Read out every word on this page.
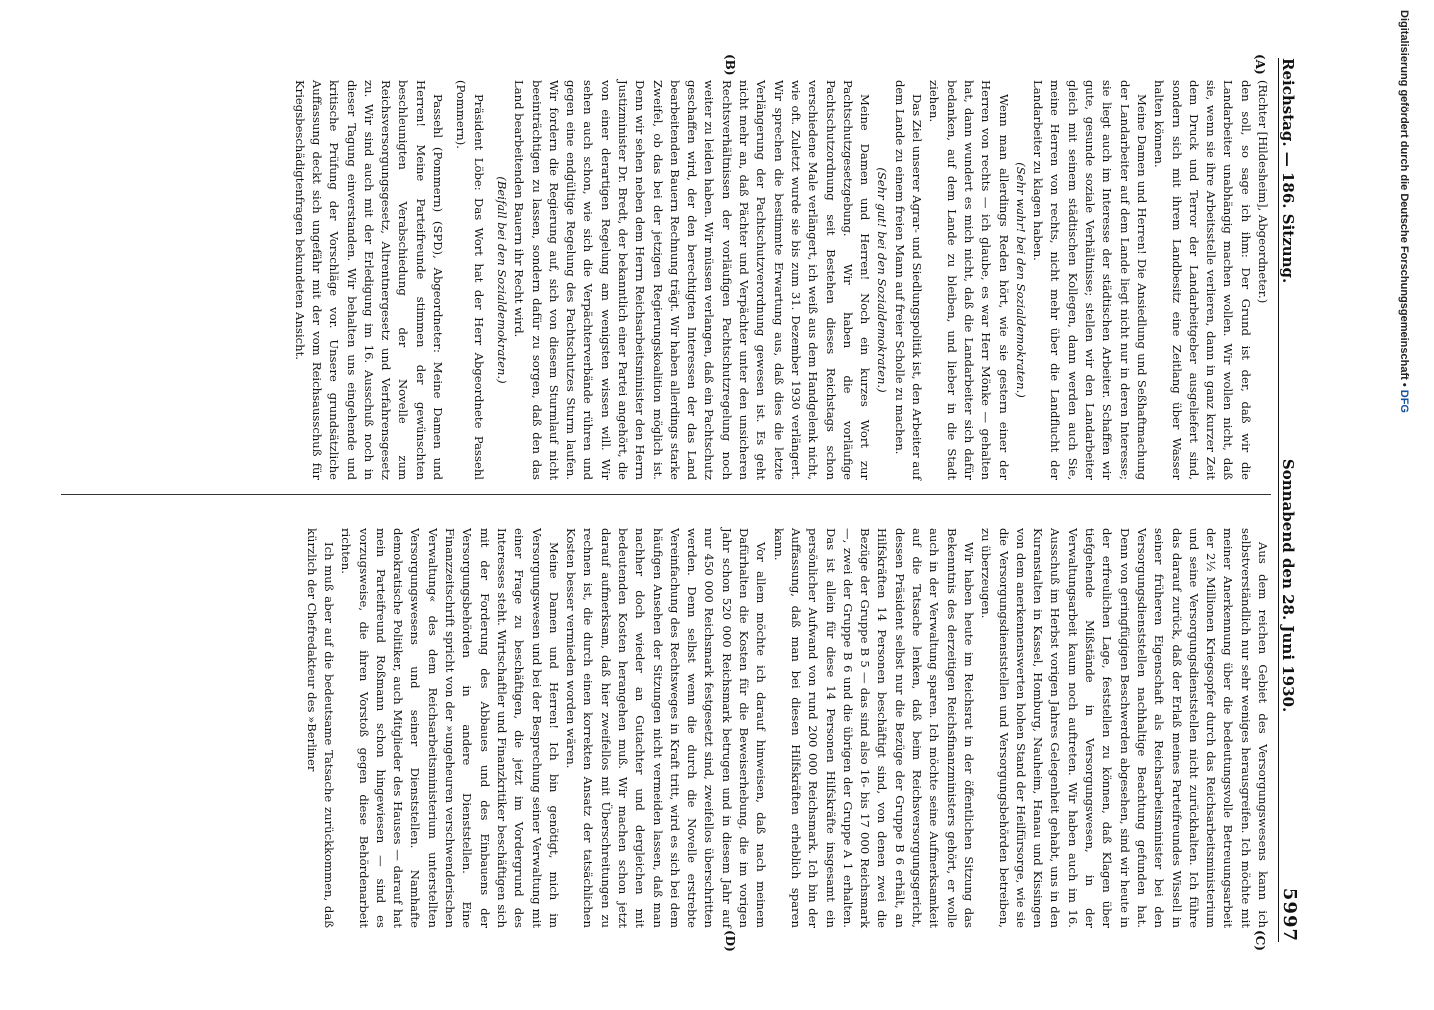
Reichstag. — 186. Sitzung.
Sonnabend den 28. Juni 1930.
5997
(A)
(B)
(C)
(D)

(Richter [Hildesheim], Abgeordneter.)

den soll, so sage ich ihm: Der Grund ist der, daß wir die Landarbeiter unabhängig machen wollen. Wir wollen nicht, daß sie, wenn sie ihre Arbeitsstelle verlieren, dann in ganz kurzer Zeit dem Druck und Terror der Landarbeitgeber ausgeliefert sind, sondern sich mit ihrem Landbesitz eine Zeitlang über Wasser halten können.

Meine Damen und Herren! Die Ansiedlung und Seßhaftmachung der Landarbeiter auf dem Lande liegt nicht nur in deren Interesse; sie liegt auch im Interesse der städtischen Arbeiter. Schaffen wir gute, gesunde soziale Verhältnisse; stellen wir den Landarbeiter gleich mit seinem städtischen Kollegen, dann werden auch Sie, meine Herren von rechts, nicht mehr über die Landflucht der Landarbeiter zu klagen haben.

(Sehr wahr! bei den Sozialdemokraten.)

Wenn man allerdings Reden hört, wie sie gestern einer der Herren von rechts — ich glaube, es war Herr Mönke — gehalten hat, dann wundert es mich nicht, daß die Landarbeiter sich dafür bedanken, auf dem Lande zu bleiben, und lieber in die Stadt ziehen.

Das Ziel unserer Agrar- und Siedlungspolitik ist, den Arbeiter auf dem Lande zu einem freien Mann auf freier Scholle zu machen.

(Sehr gut! bei den Sozialdemokraten.)

Meine Damen und Herren! Noch ein kurzes Wort zur Pachtschutzgesetzgebung. Wir haben die vorläufige Pachtschutzordnung seit Bestehen dieses Reichstags schon verschiedene Male verlängert, ich weiß aus dem Handgelenk nicht, wie oft. Zuletzt wurde sie bis zum 31. Dezember 1930 verlängert. Wir sprechen die bestimmte Erwartung aus, daß dies die letzte Verlängerung der Pachtschutzverordnung gewesen ist. Es geht nicht mehr an, daß Pächter und Verpächter unter den unsicheren Rechtsverhältnissen der vorläufigen Pachtschutzregelung noch weiter zu leiden haben. Wir müssen verlangen, daß ein Pachtschutz geschaffen wird, der den berechtigten Interessen der das Land bearbeitenden Bauern Rechnung trägt. Wir haben allerdings starke Zweifel, ob das bei der jetzigen Regierungskoalition möglich ist. Denn wir sehen neben dem Herrn Reichsarbeitsminister den Herrn Justizminister Dr. Bredt, der bekanntlich einer Partei angehört, die von einer derartigen Regelung am wenigsten wissen will. Wir sehen auch schon, wie sich die Verpächterverbände rühren und gegen eine endgültige Regelung des Pachtschutzes Sturm laufen. Wir fordern die Regierung auf, sich von diesem Sturmlauf nicht beeinträchtigen zu lassen, sondern dafür zu sorgen, daß den das Land bearbeitenden Bauern ihr Recht wird.

(Beifall bei den Sozialdemokraten.)

Präsident Löbe: Das Wort hat der Herr Abgeordnete Passehl (Pommern).

Passehl (Pommern) (SPD), Abgeordneter: Meine Damen und Herren! Meine Parteifreunde stimmen der gewünschten beschleunigten Verabschiedung der Novelle zum Reichsversorgungsgesetz, Altrentnergesetz und Verfahrensgesetz zu. Wir sind auch mit der Erledigung im 16. Ausschuß noch in dieser Tagung einverstanden. Wir behalten uns eingehende und kritische Prüfung der Vorschläge vor. Unsere grundsätzliche Auffassung deckt sich ungefähr mit der vom Reichsausschuß für Kriegsbeschädigtenfragen bekundeten Ansicht.

Aus dem reichen Gebiet des Versorgungswesens kann ich selbstverständlich nur sehr weniges herausgreifen. Ich möchte mit meiner Anerkennung über die bedeutungsvolle Betreuungsarbeit der 2½ Millionen Kriegsopfer durch das Reichsarbeitsministerium und seine Versorgungsdienststellen nicht zurückhalten. Ich führe das darauf zurück, daß der Erlaß meines Parteifreundes Wissell in seiner früheren Eigenschaft als Reichsarbeitsminister bei den Versorgungsdienststellen nachhaltige Beachtung gefunden hat. Denn von geringfügigen Beschwerden abgesehen, sind wir heute in der erfreulichen Lage, feststellen zu können, daß Klagen über tiefgehende Mißstände in Versorgungswesen, in der Verwaltungsarbeit kaum noch auftreten. Wir haben auch im 16. Ausschuß im Herbst vorigen Jahres Gelegenheit gehabt, uns in den Kuranstalten in Kassel, Homburg, Nauheim, Hanau und Kissingen von dem anerkennenswerten hohen Stand der Heilfürsorge, wie sie die Versorgungsdienststellen und Versorgungsbehörden betreiben, zu überzeugen.

Wir haben heute im Reichsrat in der öffentlichen Sitzung das Bekenntnis des derzeitigen Reichsfinanzministers gehört, er wolle auch in der Verwaltung sparen. Ich möchte seine Aufmerksamkeit auf die Tatsache lenken, daß beim Reichsversorgungsgericht, dessen Präsident selbst nur die Bezüge der Gruppe B 6 erhält, an Hilfskräften 14 Personen beschäftigt sind, von denen zwei die Bezüge der Gruppe B 5 — das sind also 16- bis 17 000 Reichsmark —, zwei der Gruppe B 6 und die übrigen der Gruppe A 1 erhalten. Das ist allein für diese 14 Personen Hilfskräfte insgesamt ein persönlicher Aufwand von rund 200 000 Reichsmark. Ich bin der Auffassung, daß man bei diesen Hilfskräften erheblich sparen kann.

Vor allem möchte ich darauf hinweisen, daß nach meinem Dafürhalten die Kosten für die Beweiserhebung, die im vorigen Jahr schon 520 000 Reichsmark betrugen und in diesem Jahr auf nur 450 000 Reichsmark festgesetzt sind, zweifellos überschritten werden. Denn selbst wenn die durch die Novelle erstrebte Vereinfachung des Rechtsweges in Kraft tritt, wird es sich bei dem häufigen Ansehen der Sitzungen nicht vermeiden lassen, daß man nachher doch wieder an Gutachter und dergleichen mit bedeutenden Kosten herangehen muß. Wir machen schon jetzt darauf aufmerksam, daß hier zweifellos mit Überschreitungen zu rechnen ist, die durch einen korrekten Ansatz der tatsächlichen Kosten besser vermieden worden wären.

Meine Damen und Herren! Ich bin genötigt, mich im Versorgungswesen und bei der Besprechung seiner Verwaltung mit einer Frage zu beschäftigen, die jetzt im Vordergrund des Interesses steht. Wirtschaftler und Finanzkritiker beschäftigen sich mit der Forderung des Abbaues und des Einbauens der Versorgungsbehörden in andere Dienststellen. Eine Finanzzeitschrift spricht von der »ungeheuren verschwenderischen Verwaltung« des dem Reichsarbeitsministerium unterstellten Versorgungswesens und seiner Dienststellen. Namhafte demokratische Politiker, auch Mitglieder des Hauses — darauf hat mein Parteifreund Roßmann schon hingewiesen — sind es vorzugsweise, die ihren Vorstoß gegen diese Behördenarbeit richten.

Ich muß aber auf die bedeutsame Tatsache zurückkommen, daß kürzlich der Chefredakteur des »Berliner

Digitalisierung gefördert durch die Deutsche Forschungsgemeinschaft • DFG
